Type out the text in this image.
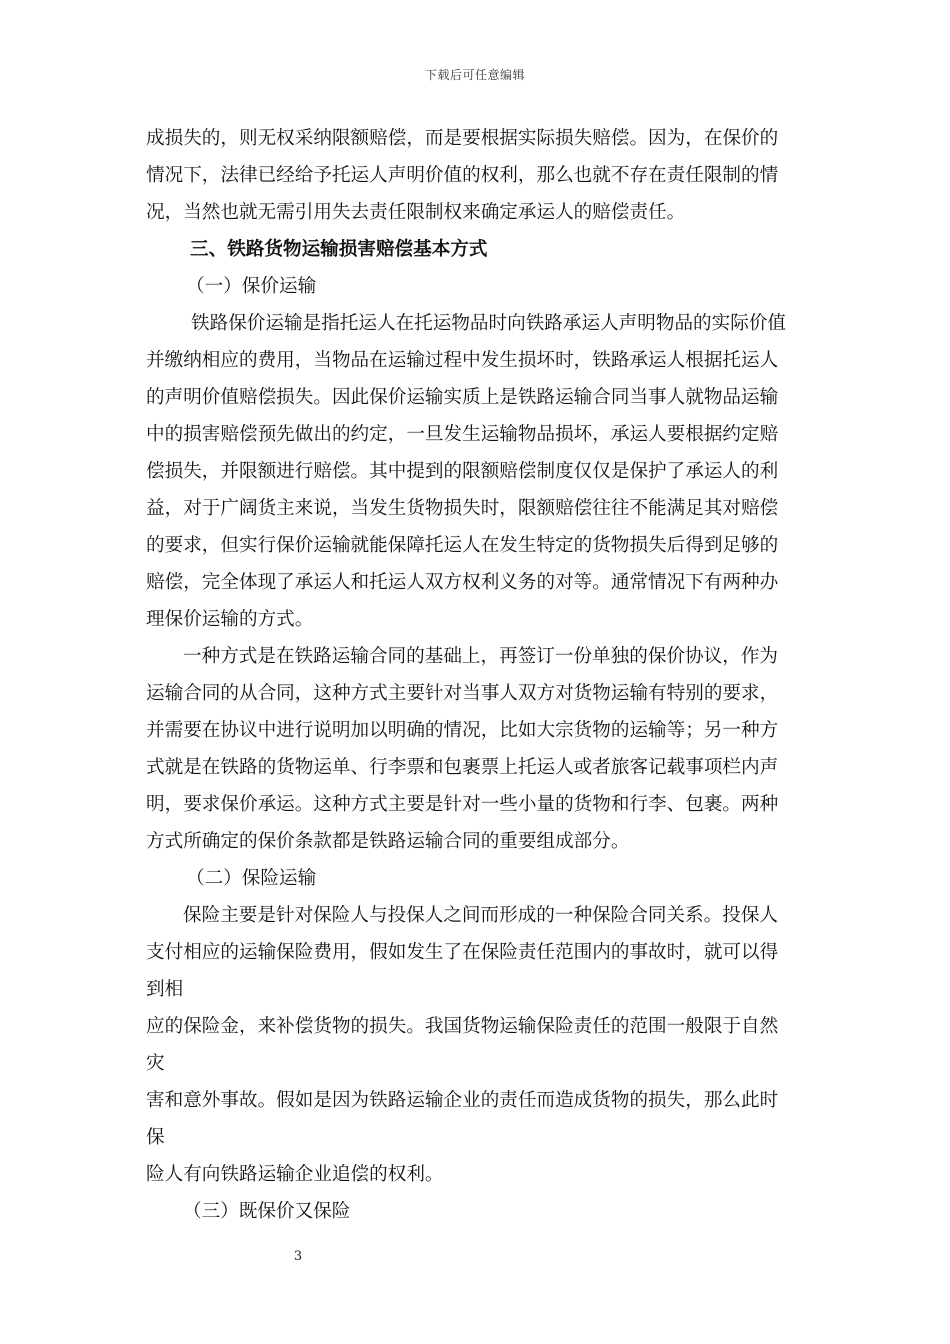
下载后可任意编辑
成损失的，则无权采纳限额赔偿，而是要根据实际损失赔偿。因为，在保价的
情况下，法律已经给予托运人声明价值的权利，那么也就不存在责任限制的情
况，当然也就无需引用失去责任限制权来确定承运人的赔偿责任。
三、铁路货物运输损害赔偿基本方式
（一）保价运输
铁路保价运输是指托运人在托运物品时向铁路承运人声明物品的实际价值
并缴纳相应的费用，当物品在运输过程中发生损坏时，铁路承运人根据托运人
的声明价值赔偿损失。因此保价运输实质上是铁路运输合同当事人就物品运输
中的损害赔偿预先做出的约定，一旦发生运输物品损坏，承运人要根据约定赔
偿损失，并限额进行赔偿。其中提到的限额赔偿制度仅仅是保护了承运人的利
益，对于广阔货主来说，当发生货物损失时，限额赔偿往往不能满足其对赔偿
的要求，但实行保价运输就能保障托运人在发生特定的货物损失后得到足够的
赔偿，完全体现了承运人和托运人双方权利义务的对等。通常情况下有两种办
理保价运输的方式。
一种方式是在铁路运输合同的基础上，再签订一份单独的保价协议，作为
运输合同的从合同，这种方式主要针对当事人双方对货物运输有特别的要求，
并需要在协议中进行说明加以明确的情况，比如大宗货物的运输等；另一种方
式就是在铁路的货物运单、行李票和包裹票上托运人或者旅客记载事项栏内声
明，要求保价承运。这种方式主要是针对一些小量的货物和行李、包裹。两种
方式所确定的保价条款都是铁路运输合同的重要组成部分。
（二）保险运输
保险主要是针对保险人与投保人之间而形成的一种保险合同关系。投保人
支付相应的运输保险费用，假如发生了在保险责任范围内的事故时，就可以得
到相
应的保险金，来补偿货物的损失。我国货物运输保险责任的范围一般限于自然
灾
害和意外事故。假如是因为铁路运输企业的责任而造成货物的损失，那么此时
保
险人有向铁路运输企业追偿的权利。
（三）既保价又保险
3
